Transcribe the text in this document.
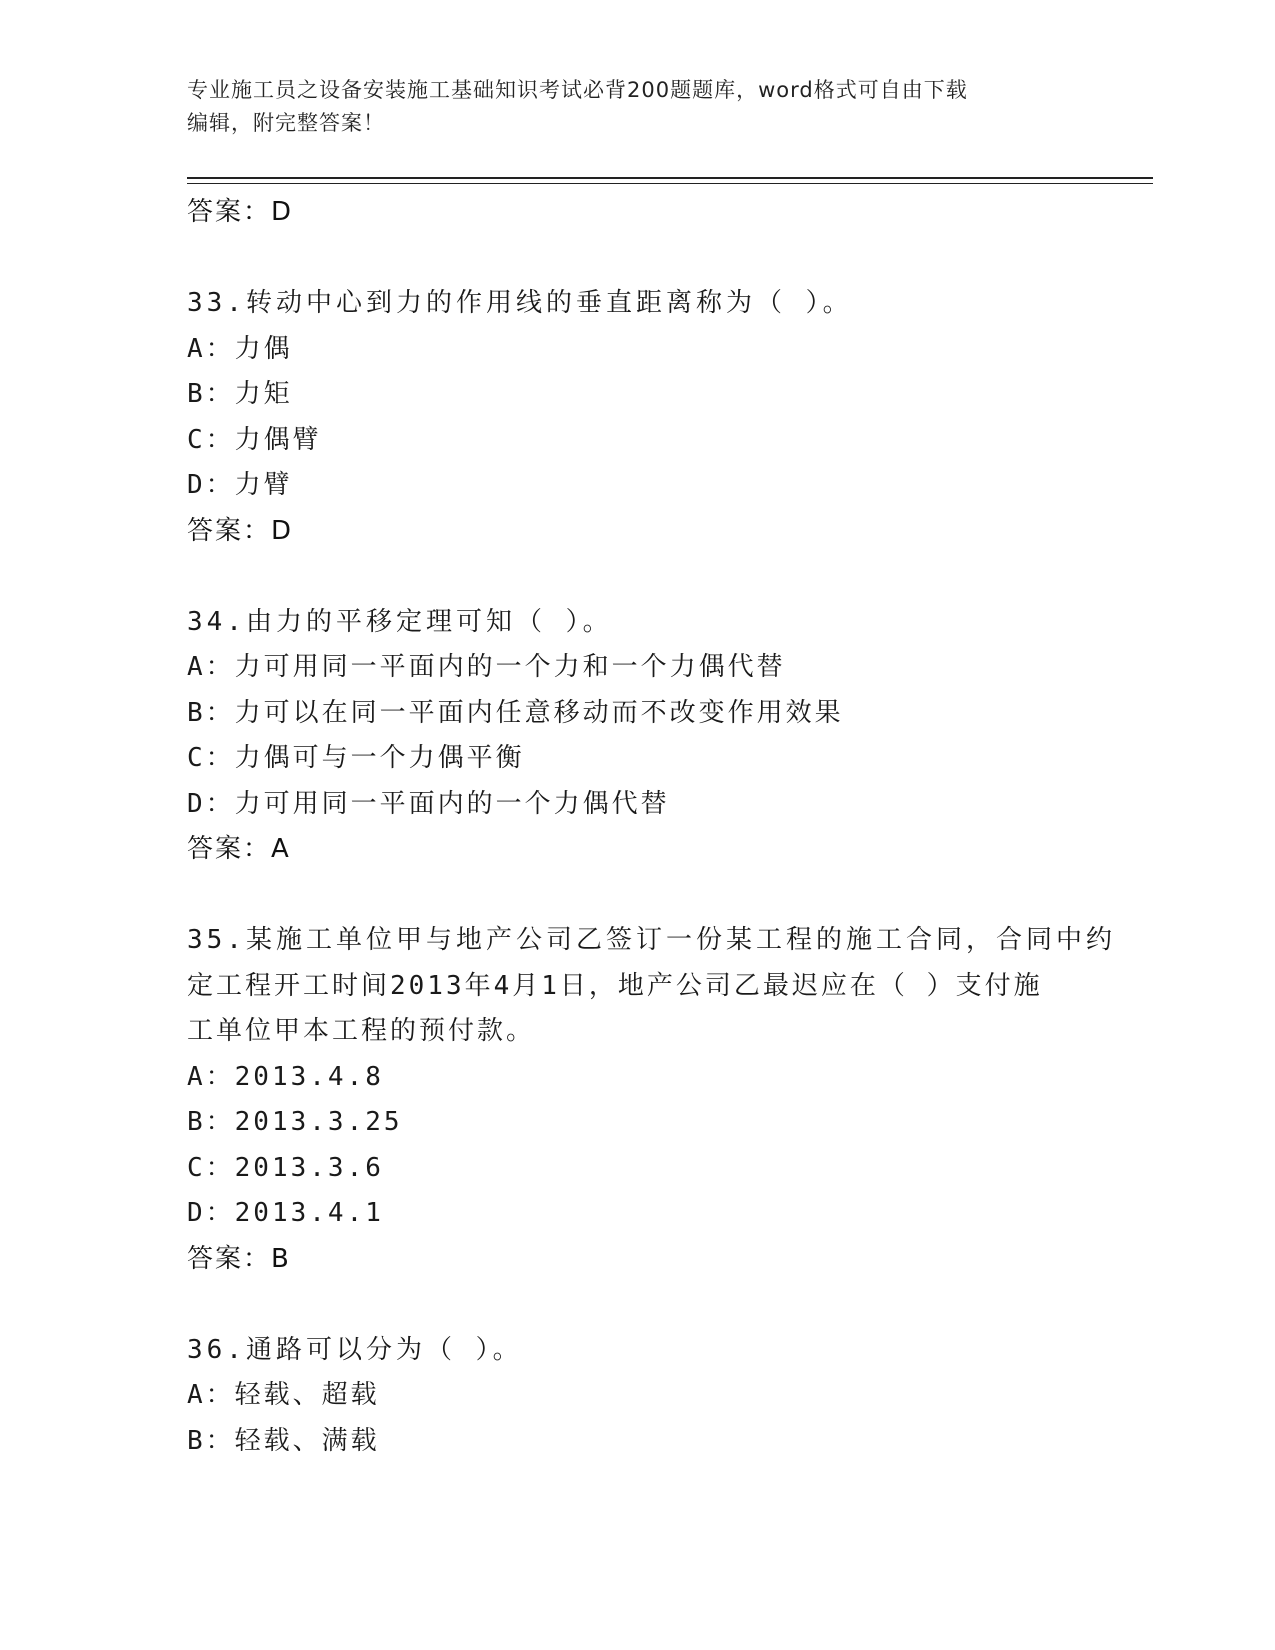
专业施工员之设备安装施工基础知识考试必背200题题库，word格式可自由下载
编辑，附完整答案！
答案：D
33.转动中心到力的作用线的垂直距离称为（ ）。
A：力偶
B：力矩
C：力偶臂
D：力臂
答案：D
34.由力的平移定理可知（ ）。
A：力可用同一平面内的一个力和一个力偶代替
B：力可以在同一平面内任意移动而不改变作用效果
C：力偶可与一个力偶平衡
D：力可用同一平面内的一个力偶代替
答案：A
35.某施工单位甲与地产公司乙签订一份某工程的施工合同，合同中约
定工程开工时间2013年4月1日，地产公司乙最迟应在（ ）支付施
工单位甲本工程的预付款。
A：2013.4.8
B：2013.3.25
C：2013.3.6
D：2013.4.1
答案：B
36.通路可以分为（ ）。
A：轻载、超载
B：轻载、满载
